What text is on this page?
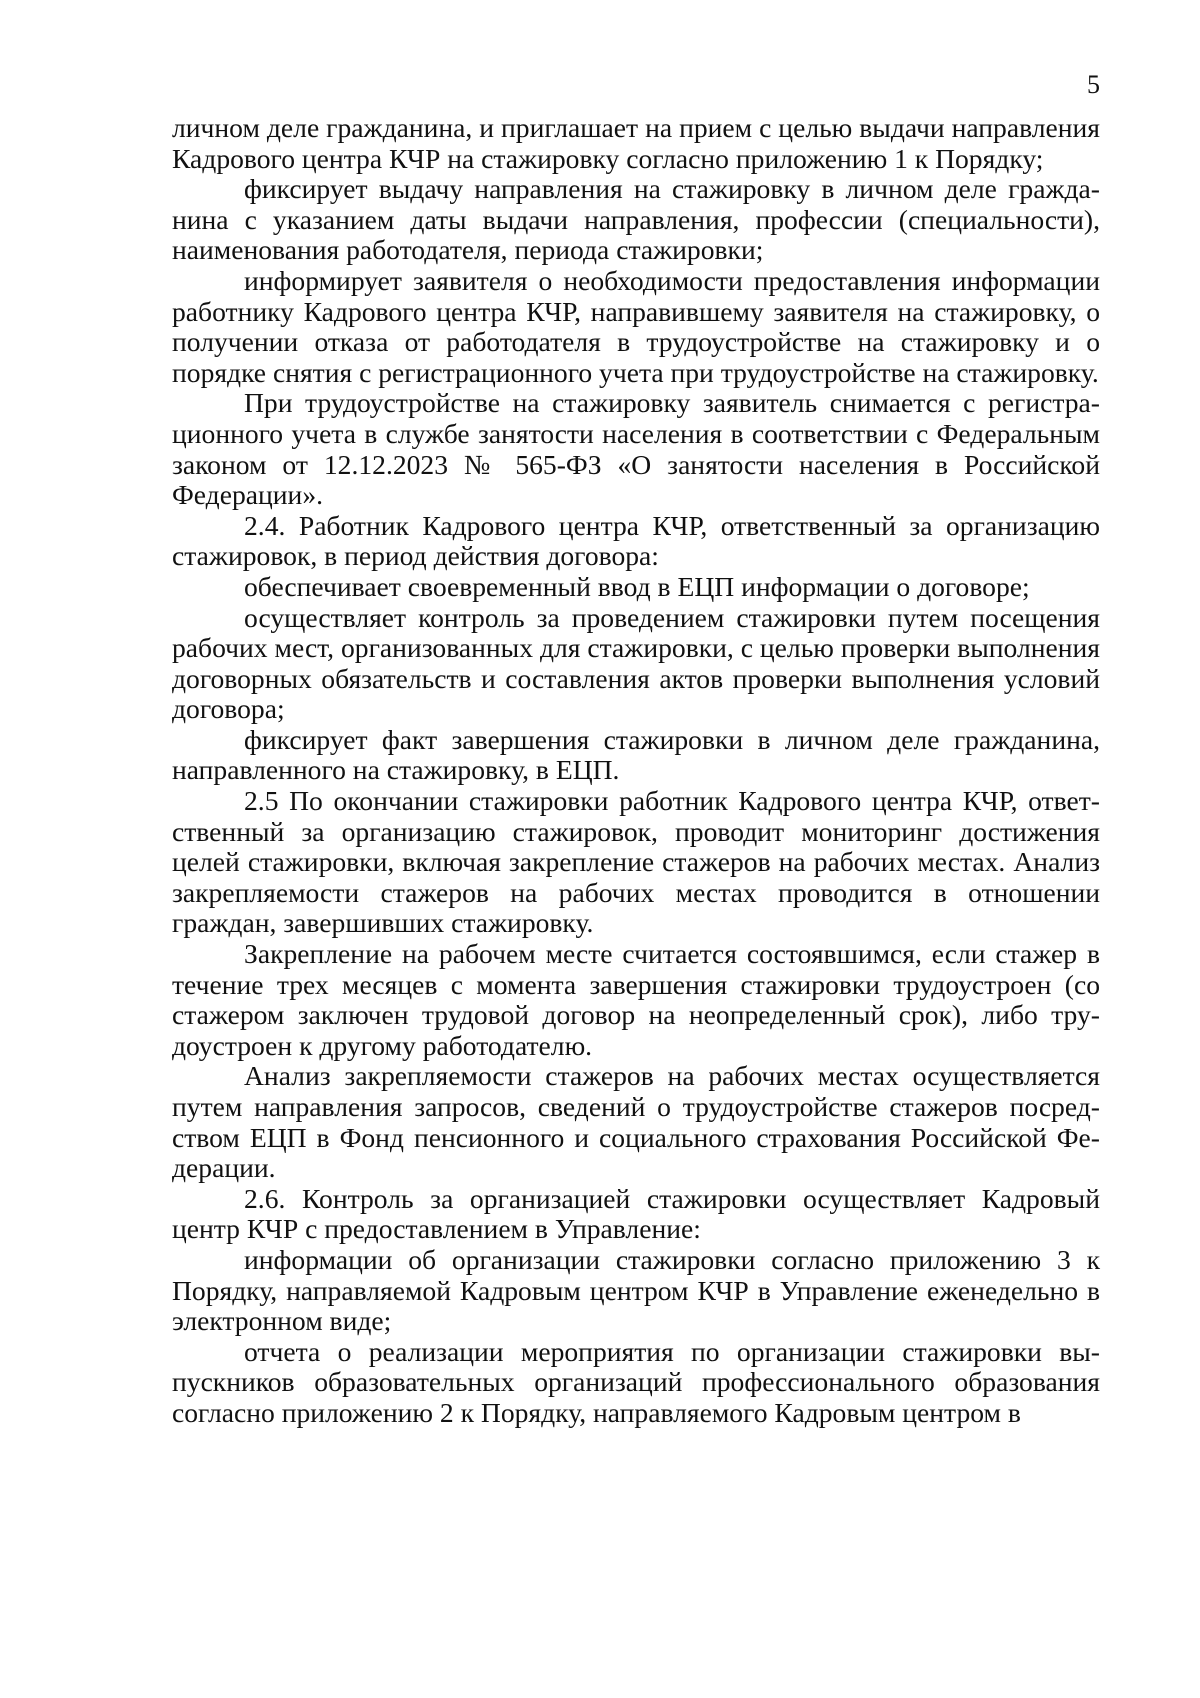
5

личном деле гражданина, и приглашает на прием с целью выдачи направления Кадрового центра КЧР на стажировку согласно приложению 1 к Порядку;

фиксирует выдачу направления на стажировку в личном деле гражданина с указанием даты выдачи направления, профессии (специальности), наименования работодателя, периода стажировки;

информирует заявителя о необходимости предоставления информации работнику Кадрового центра КЧР, направившему заявителя на стажировку, о получении отказа от работодателя в трудоустройстве на стажировку и о порядке снятия с регистрационного учета при трудоустройстве на стажировку.

При трудоустройстве на стажировку заявитель снимается с регистрационного учета в службе занятости населения в соответствии с Федеральным законом от 12.12.2023 № 565-ФЗ «О занятости населения в Российской Федерации».

2.4. Работник Кадрового центра КЧР, ответственный за организацию стажировок, в период действия договора:

обеспечивает своевременный ввод в ЕЦП информации о договоре;

осуществляет контроль за проведением стажировки путем посещения рабочих мест, организованных для стажировки, с целью проверки выполнения договорных обязательств и составления актов проверки выполнения условий договора;

фиксирует факт завершения стажировки в личном деле гражданина, направленного на стажировку, в ЕЦП.

2.5 По окончании стажировки работник Кадрового центра КЧР, ответственный за организацию стажировок, проводит мониторинг достижения целей стажировки, включая закрепление стажеров на рабочих местах. Анализ закрепляемости стажеров на рабочих местах проводится в отношении граждан, завершивших стажировку.

Закрепление на рабочем месте считается состоявшимся, если стажер в течение трех месяцев с момента завершения стажировки трудоустроен (со стажером заключен трудовой договор на неопределенный срок), либо трудоустроен к другому работодателю.

Анализ закрепляемости стажеров на рабочих местах осуществляется путем направления запросов, сведений о трудоустройстве стажеров посредством ЕЦП в Фонд пенсионного и социального страхования Российской Федерации.

2.6. Контроль за организацией стажировки осуществляет Кадровый центр КЧР с предоставлением в Управление:

информации об организации стажировки согласно приложению 3 к Порядку, направляемой Кадровым центром КЧР в Управление еженедельно в электронном виде;

отчета о реализации мероприятия по организации стажировки выпускников образовательных организаций профессионального образования согласно приложению 2 к Порядку, направляемого Кадровым центром в
